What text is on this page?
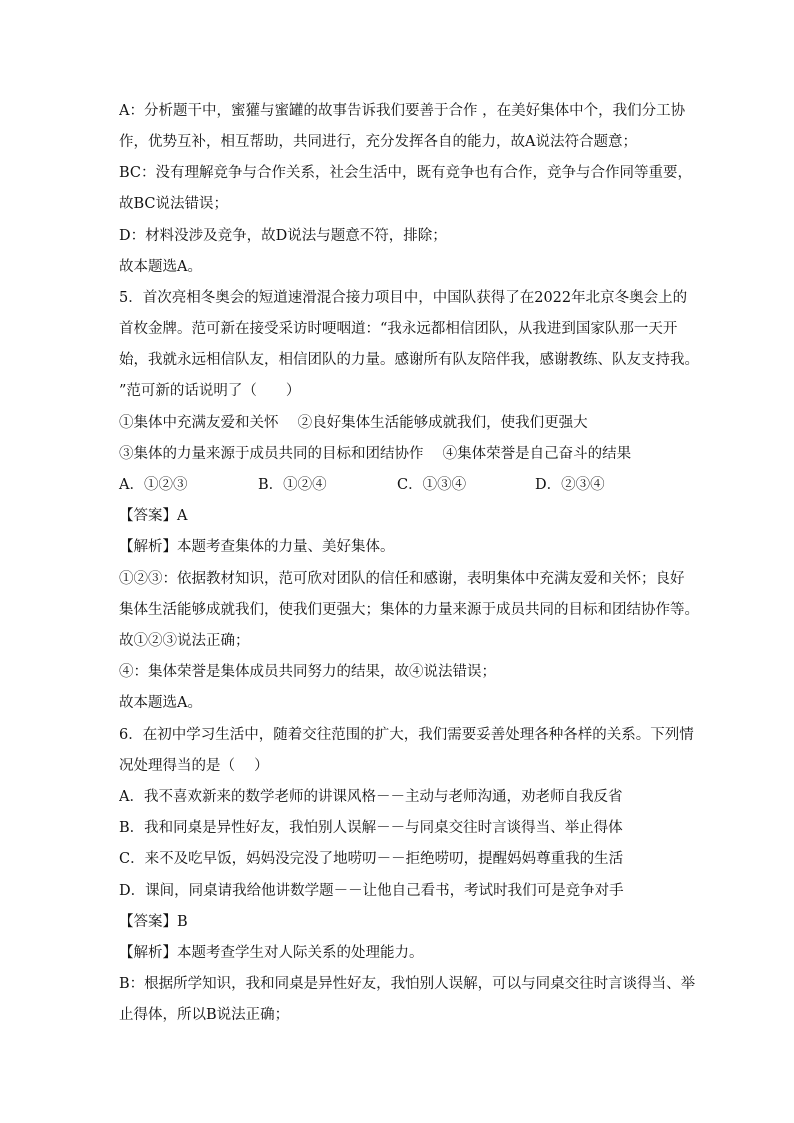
A：分析题干中，蜜獾与蜜罐的故事告诉我们要善于合作 ，在美好集体中个，我们分工协
作，优势互补，相互帮助，共同进行，充分发挥各自的能力，故A说法符合题意；
BC：没有理解竞争与合作关系，社会生活中，既有竞争也有合作，竞争与合作同等重要，
故BC说法错误；
D：材料没涉及竞争，故D说法与题意不符，排除；
故本题选A。
5．首次亮相冬奥会的短道速滑混合接力项目中，中国队获得了在2022年北京冬奥会上的
首枚金牌。范可新在接受采访时哽咽道：“我永远都相信团队，从我进到国家队那一天开
始，我就永远相信队友，相信团队的力量。感谢所有队友陪伴我，感谢教练、队友支持我。
”范可新的话说明了（　　）
①集体中充满友爱和关怀　 ②良好集体生活能够成就我们，使我们更强大
③集体的力量来源于成员共同的目标和团结协作　 ④集体荣誉是自己奋斗的结果
A．①②③	B．①②④	C．①③④	D．②③④
【答案】A
【解析】本题考查集体的力量、美好集体。
①②③：依据教材知识，范可欣对团队的信任和感谢，表明集体中充满友爱和关怀；良好
集体生活能够成就我们，使我们更强大；集体的力量来源于成员共同的目标和团结协作等。
故①②③说法正确；
④：集体荣誉是集体成员共同努力的结果，故④说法错误；
故本题选A。
6．在初中学习生活中，随着交往范围的扩大，我们需要妥善处理各种各样的关系。下列情
况处理得当的是（　 ）
A．我不喜欢新来的数学老师的讲课风格－－主动与老师沟通，劝老师自我反省
B．我和同桌是异性好友，我怕别人误解－－与同桌交往时言谈得当、举止得体
C．来不及吃早饭，妈妈没完没了地唠叨－－拒绝唠叨，提醒妈妈尊重我的生活
D．课间，同桌请我给他讲数学题－－让他自己看书，考试时我们可是竞争对手
【答案】B
【解析】本题考查学生对人际关系的处理能力。
B：根据所学知识，我和同桌是异性好友，我怕别人误解，可以与同桌交往时言谈得当、举
止得体，所以B说法正确；
